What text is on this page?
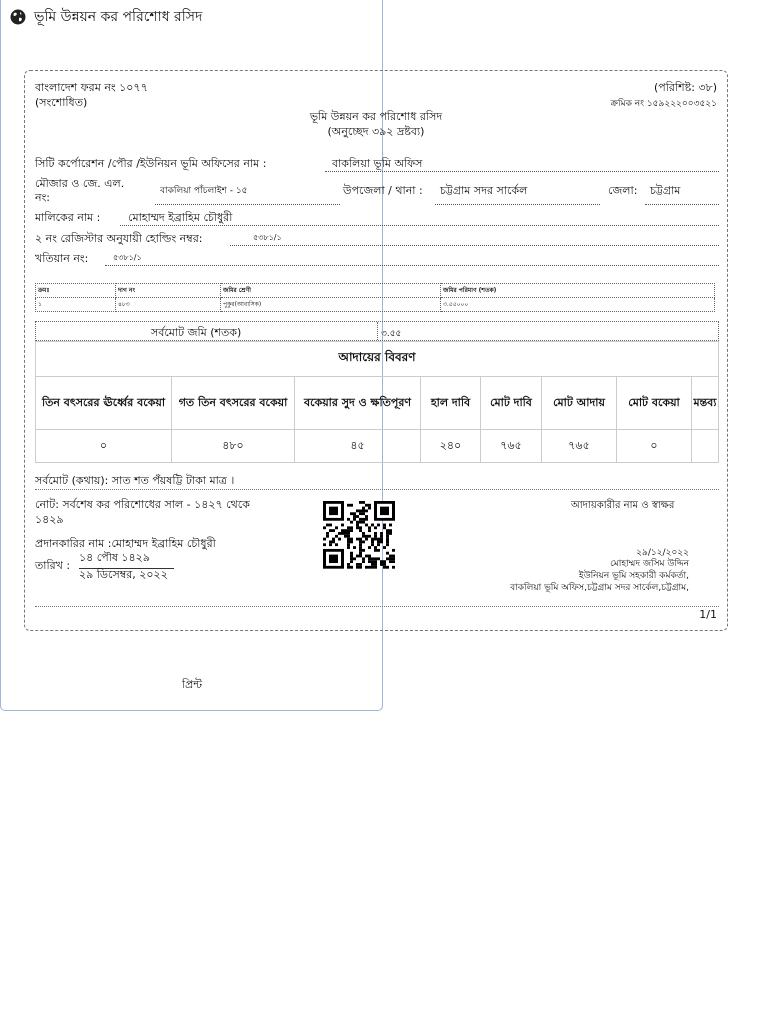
ভূমি উন্নয়ন কর পরিশোধ রসিদ
বাংলাদেশ ফরম নং ১০৭৭
(সংশোধিত)
(পরিশিষ্ট: ৩৮)
ক্রমিক নং ১৫৯২২২০০৩৫২১
ভূমি উন্নয়ন কর পরিশোধ রসিদ
(অনুচ্ছেদ ৩৯২ দ্রষ্টব্য)
সিটি কর্পোরেশন /পৌর /ইউনিয়ন ভূমি অফিসের নাম :	বাকলিয়া ভূমি অফিস
মৌজার ও জে. এল.
নং:	বাকলিয়া পাঁচলাইশ - ১৫	উপজেলা / থানা : চট্টগ্রাম সদর সার্কেল	জেলা: চট্টগ্রাম
মালিকের নাম :	মোহাম্মদ ইব্রাহিম চৌধুরী
২ নং রেজিস্টার অনুযায়ী হোল্ডিং নম্বর:	৫৩৮১/১
খতিয়ান নং:	৫৩৮১/১
ক্রমঃ	দাগ নং	জমির শ্রেণী	জমির পরিমাণ (শতক)
১	৪৮৩	পুকুর(আবাসিক)	৩.৫৫০০০
সর্বমোট জমি (শতক)	৩.৫৫
আদায়ের বিবরণ							
তিন বৎসরের ঊর্ধ্বের বকেয়া	গত তিন বৎসরের বকেয়া	বকেয়ার সুদ ও ক্ষতিপূরণ	হাল দাবি	মোট দাবি	মোট আদায়	মোট বকেয়া	মন্তব্য
০	৪৮০	৪৫	২৪০	৭৬৫	৭৬৫	০	
সর্বমোট (কথায়): সাত শত পঁয়ষট্টি টাকা মাত্র ।
নোট: সর্বশেষ কর পরিশোধের সাল - ১৪২৭ থেকে
১৪২৯
প্রদানকারির নাম :মোহাম্মদ ইব্রাহিম চৌধুরী
তারিখ :
১৪ পৌষ ১৪২৯
২৯ ডিসেম্বর, ২০২২
আদায়কারীর নাম ও স্বাক্ষর
২৯/১২/২০২২
মোহাম্মদ জসিম উদ্দিন
ইউনিয়ন ভূমি সহকারী কর্মকর্তা,
বাকলিয়া ভূমি অফিস,চট্টগ্রাম সদর সার্কেল,চট্টগ্রাম,
1/1
প্রিন্ট
